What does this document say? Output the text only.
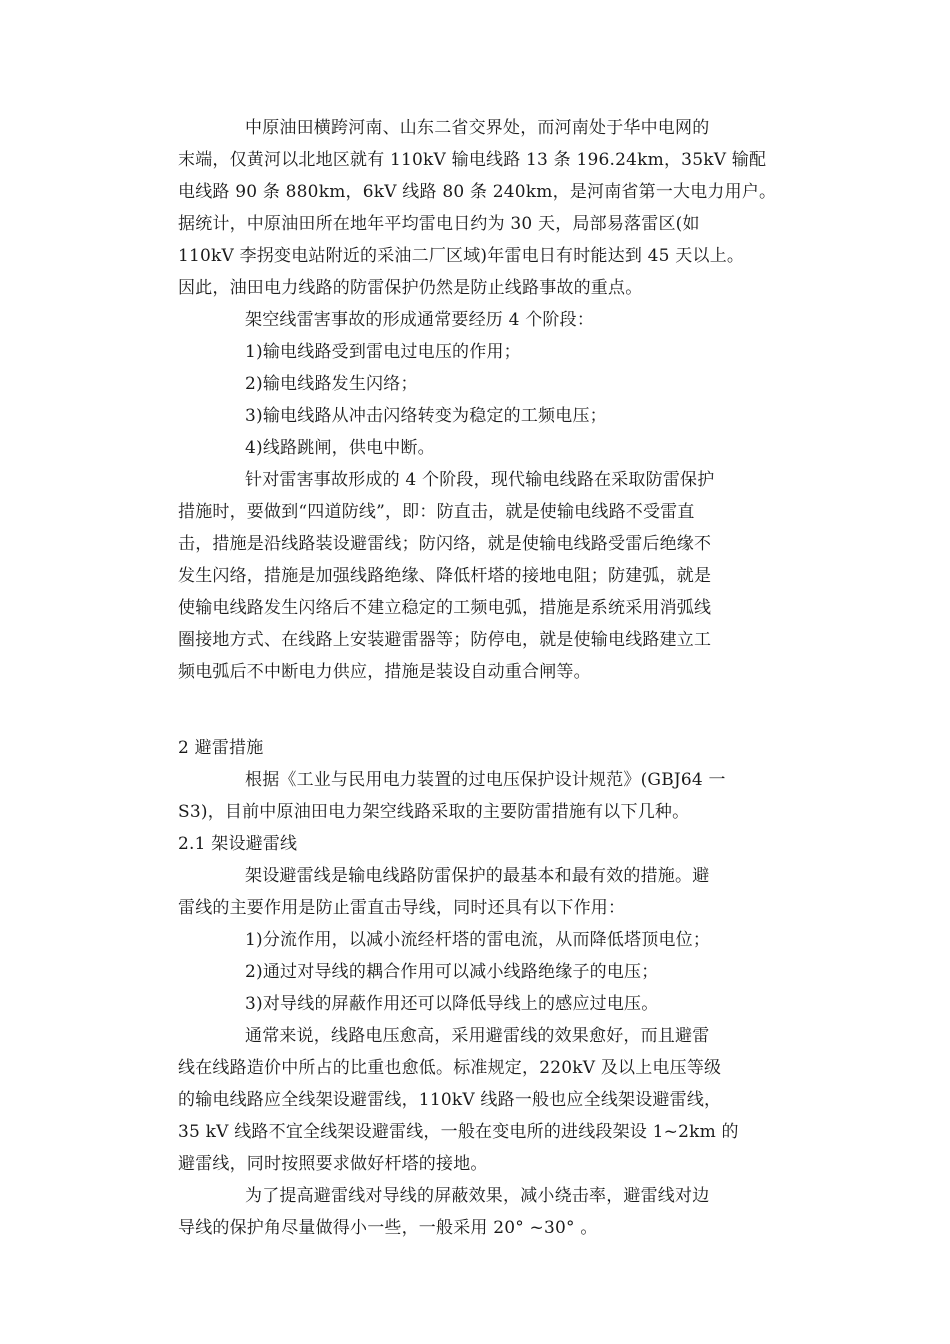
中原油田横跨河南、山东二省交界处，而河南处于华中电网的
末端，仅黄河以北地区就有 110kV 输电线路 13 条 196.24km，35kV 输配
电线路 90 条 880km，6kV 线路 80 条 240km，是河南省第一大电力用户。
据统计，中原油田所在地年平均雷电日约为 30 天，局部易落雷区(如
110kV 李拐变电站附近的采油二厂区域)年雷电日有时能达到 45 天以上。
因此，油田电力线路的防雷保护仍然是防止线路事故的重点。
架空线雷害事故的形成通常要经历 4 个阶段：
1)输电线路受到雷电过电压的作用；
2)输电线路发生闪络；
3)输电线路从冲击闪络转变为稳定的工频电压；
4)线路跳闸，供电中断。
针对雷害事故形成的 4 个阶段，现代输电线路在采取防雷保护
措施时，要做到“四道防线”，即：防直击，就是使输电线路不受雷直
击，措施是沿线路装设避雷线；防闪络，就是使输电线路受雷后绝缘不
发生闪络，措施是加强线路绝缘、降低杆塔的接地电阻；防建弧，就是
使输电线路发生闪络后不建立稳定的工频电弧，措施是系统采用消弧线
圈接地方式、在线路上安装避雷器等；防停电，就是使输电线路建立工
频电弧后不中断电力供应，措施是装设自动重合闸等。
2 避雷措施
根据《工业与民用电力装置的过电压保护设计规范》(GBJ64 一
S3)，目前中原油田电力架空线路采取的主要防雷措施有以下几种。
2.1 架设避雷线
架设避雷线是输电线路防雷保护的最基本和最有效的措施。避
雷线的主要作用是防止雷直击导线，同时还具有以下作用：
1)分流作用，以减小流经杆塔的雷电流，从而降低塔顶电位；
2)通过对导线的耦合作用可以减小线路绝缘子的电压；
3)对导线的屏蔽作用还可以降低导线上的感应过电压。
通常来说，线路电压愈高，采用避雷线的效果愈好，而且避雷
线在线路造价中所占的比重也愈低。标准规定，220kV 及以上电压等级
的输电线路应全线架设避雷线，110kV 线路一般也应全线架设避雷线，
35 kV 线路不宜全线架设避雷线，一般在变电所的进线段架设 1~2km 的
避雷线，同时按照要求做好杆塔的接地。
为了提高避雷线对导线的屏蔽效果，减小绕击率，避雷线对边
导线的保护角尽量做得小一些，一般采用 20° ~30° 。
